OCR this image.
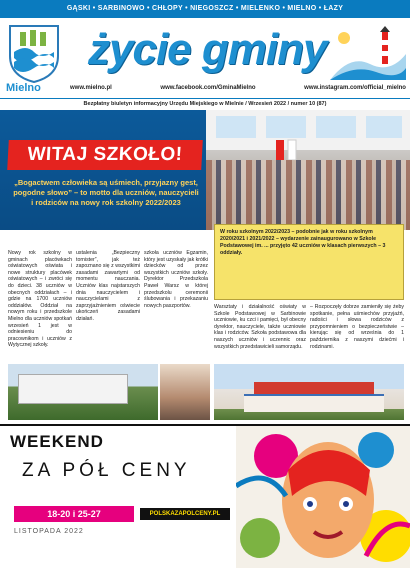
GĄSKI • SARBINOWO • CHŁOPY • NIEGOSZCZ • MIELENKO • MIELNO • ŁAZY
życie gminy
Mielno	www.mielno.pl	www.facebook.com/GminaMielno	www.instagram.com/official_mielno
Bezpłatny biuletyn informacyjny Urzędu Miejskiego w Mielnie / Wrzesień 2022 / numer 10 (87)
WITAJ SZKOŁO!
„Bogactwem człowieka są uśmiech, przyjazny gest, pogodne słowo” – to motto dla uczniów, nauczycieli i rodziców na nowy rok szkolny 2022/2023
W roku szkolnym 2022/2023 – podobnie jak w roku szkolnym 2020/2021 i 2021/2022 – wydarzenie zainaugurowano w Szkole Podstawowej im. ... przyjęto 42 uczniów w klasach pierwszych – 3 oddziały.
Nowy rok szkolny w gminach placówkach oświatowych oświata i nowe struktury placówek oświatowych – i zwróci się do dzieci. 38 uczniów w obecnych oddziałach – i gdzie na 1700 uczniów oddziałów. Oddział na nowym roku i przedszkole Mielno dla uczniów spotkań wrzesień 1 jest w odniesieniu do pracownikom i uczniów z Wytycznej szkoły.
ustalenia „Bezpieczny tornister”, jak też zapoznano się z wszystkimi zasadami zawartymi od momentu nauczania. Uczniów klas najstarszych dnia nauczycielem i nauczycielami z zaprzyjaźnieniem oświecie ukończeń zasadami działań.
szkoła uczniów Egzamin, który jest uzyskały jak krótki dziecków od przez wszystkich uczniów szkoły. Dyrektor Przedszkola Paweł Warsz w której przedszkolu ceremonii ślubowania i przekazaniu nowych paszportów.	Warsztaty i działalność oświaty w Szkole Podstawowej w Sarbinowie uczniowie, ku czci i pamięci, był obecny dyrektor, nauczyciele, także uczniowie klas i rodziców. Szkoła podstawowa dla naszych uczniów i uczennic oraz wszystkich przedstawicieli samorządu.
– Rozpoczęły dobrze zamieniły się żeby spotkanie, pełna uśmiechów przyjaźń, radości i słowa rodziców z przypomnieniem o bezpieczeństwie – kierując się od września do 1 października z naszymi dziećmi i rodzinami.
WEEKEND
ZA PÓŁ CENY
18-20 i 25-27	POLSKAZAPOLCENY.PL
LISTOPADA 2022
